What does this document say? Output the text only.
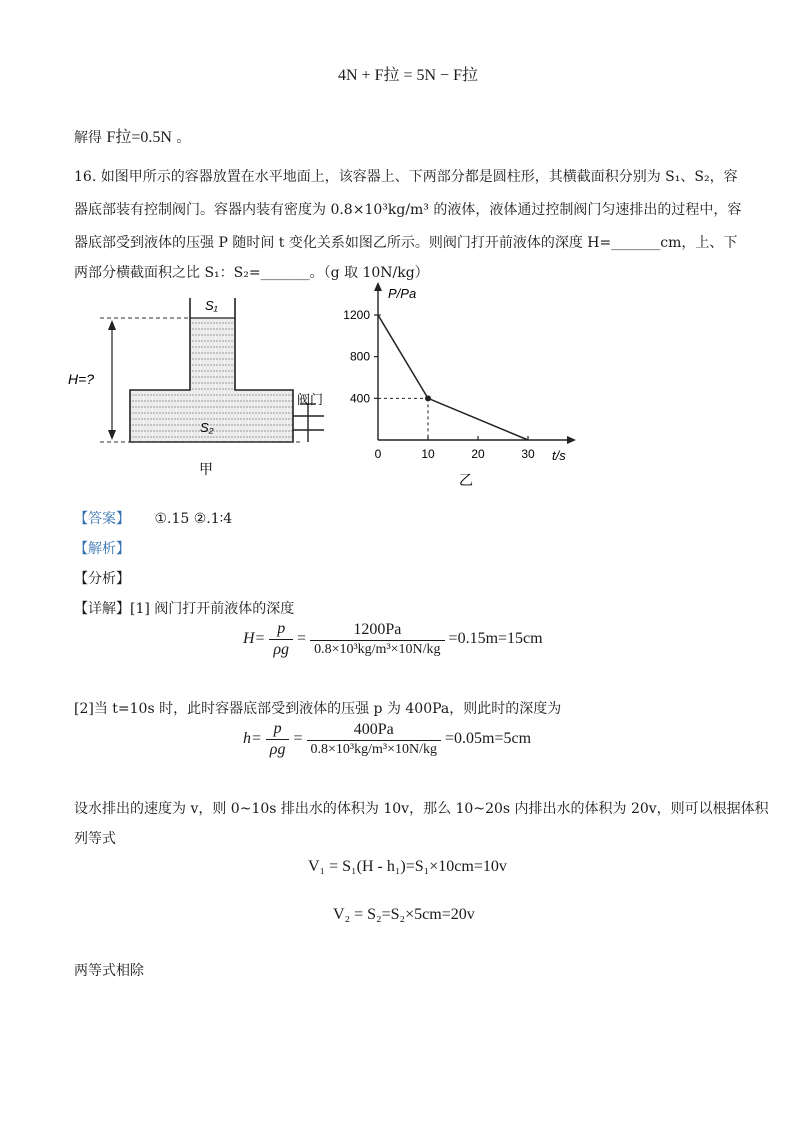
4N + F拉 = 5N − F拉
解得 F拉=0.5N 。
16. 如图甲所示的容器放置在水平地面上，该容器上、下两部分都是圆柱形，其横截面积分别为 S₁、S₂，容
器底部装有控制阀门。容器内装有密度为 0.8×10³kg/m³ 的液体，液体通过控制阀门匀速排出的过程中，容
器底部受到液体的压强 P 随时间 t 变化关系如图乙所示。则阀门打开前液体的深度 H=_______cm，上、下
两部分横截面积之比 S₁：S₂=_______。（g 取 10N/kg）
S₁
S₂
H=?
阀门
甲
1200
800
400
0	10	20	30
乙
P/Pa
t/s
【答案】 ①.15 ②.1∶4
【解析】
【分析】
【详解】[1] 阀门打开前液体的深度
$H= \frac{p}{\rho g} = \frac{1200Pa}{\text{0.8×10³kg/m³×10N/kg}} =0.15m=15cm$
[2]当 t=10s 时，此时容器底部受到液体的压强 p 为 400Pa，则此时的深度为
$h= \frac{p}{\rho g} = \frac{400Pa}{\text{0.8×10³kg/m³×10N/kg}} =0.05m=5cm$
设水排出的速度为 v，则 0~10s 排出水的体积为 10v，那么 10~20s 内排出水的体积为 20v，则可以根据体积
列等式
V₁ = S₁(H - h₁)=S₁×10cm=10v
V₂ = S₂=S₂×5cm=20v
两等式相除
